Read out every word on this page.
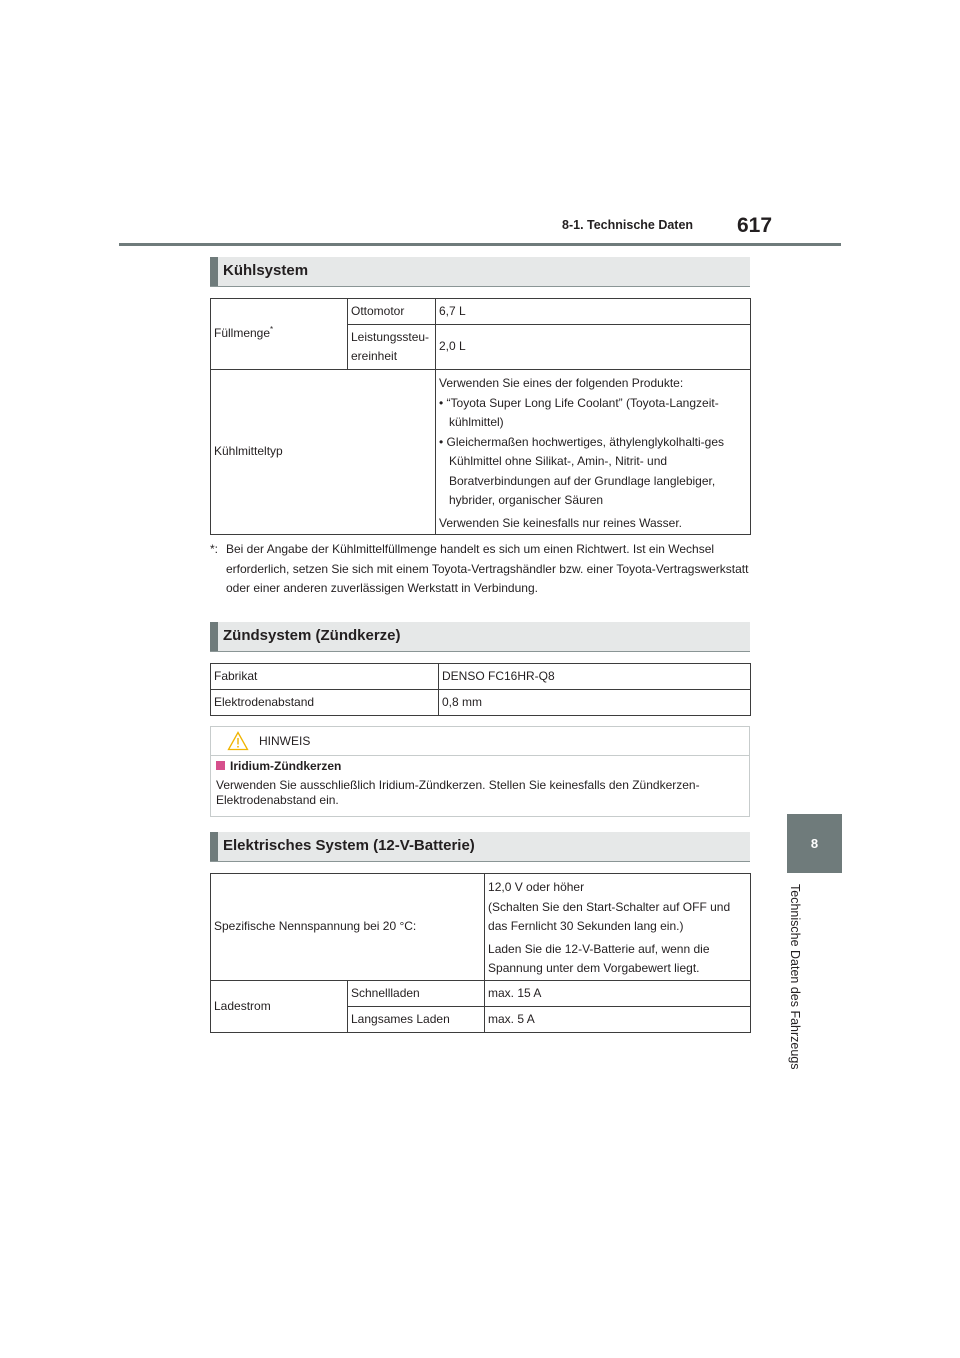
8-1. Technische Daten 617
8
Technische Daten des Fahrzeugs
Kühlsystem
Füllmenge*	Ottomotor	6,7 L
	Leistungssteu-ereinheit	2,0 L
Kühlmitteltyp		Verwenden Sie eines der folgenden Produkte:
• “Toyota Super Long Life Coolant” (Toyota-Langzeit-kühlmittel)
• Gleichermaßen hochwertiges, äthylenglykolhalti-ges Kühlmittel ohne Silikat-, Amin-, Nitrit- und Boratverbindungen auf der Grundlage langlebiger, hybrider, organischer Säuren
Verwenden Sie keinesfalls nur reines Wasser.
*: Bei der Angabe der Kühlmittelfüllmenge handelt es sich um einen Richtwert. Ist ein Wechsel erforderlich, setzen Sie sich mit einem Toyota-Vertragshändler bzw. einer Toyota-Vertragswerkstatt oder einer anderen zuverlässigen Werkstatt in Verbindung.
Zündsystem (Zündkerze)
Fabrikat	DENSO FC16HR-Q8
Elektrodenabstand	0,8 mm
HINWEIS
Iridium-Zündkerzen
Verwenden Sie ausschließlich Iridium-Zündkerzen. Stellen Sie keinesfalls den Zündkerzen-Elektrodenabstand ein.
Elektrisches System (12-V-Batterie)
Spezifische Nennspannung bei 20 °C:		12,0 V oder höher
(Schalten Sie den Start-Schalter auf OFF und das Fernlicht 30 Sekunden lang ein.)
Laden Sie die 12-V-Batterie auf, wenn die Spannung unter dem Vorgabewert liegt.

Ladestrom	Schnellladen	max. 15 A
	Langsames Laden	max. 5 A
